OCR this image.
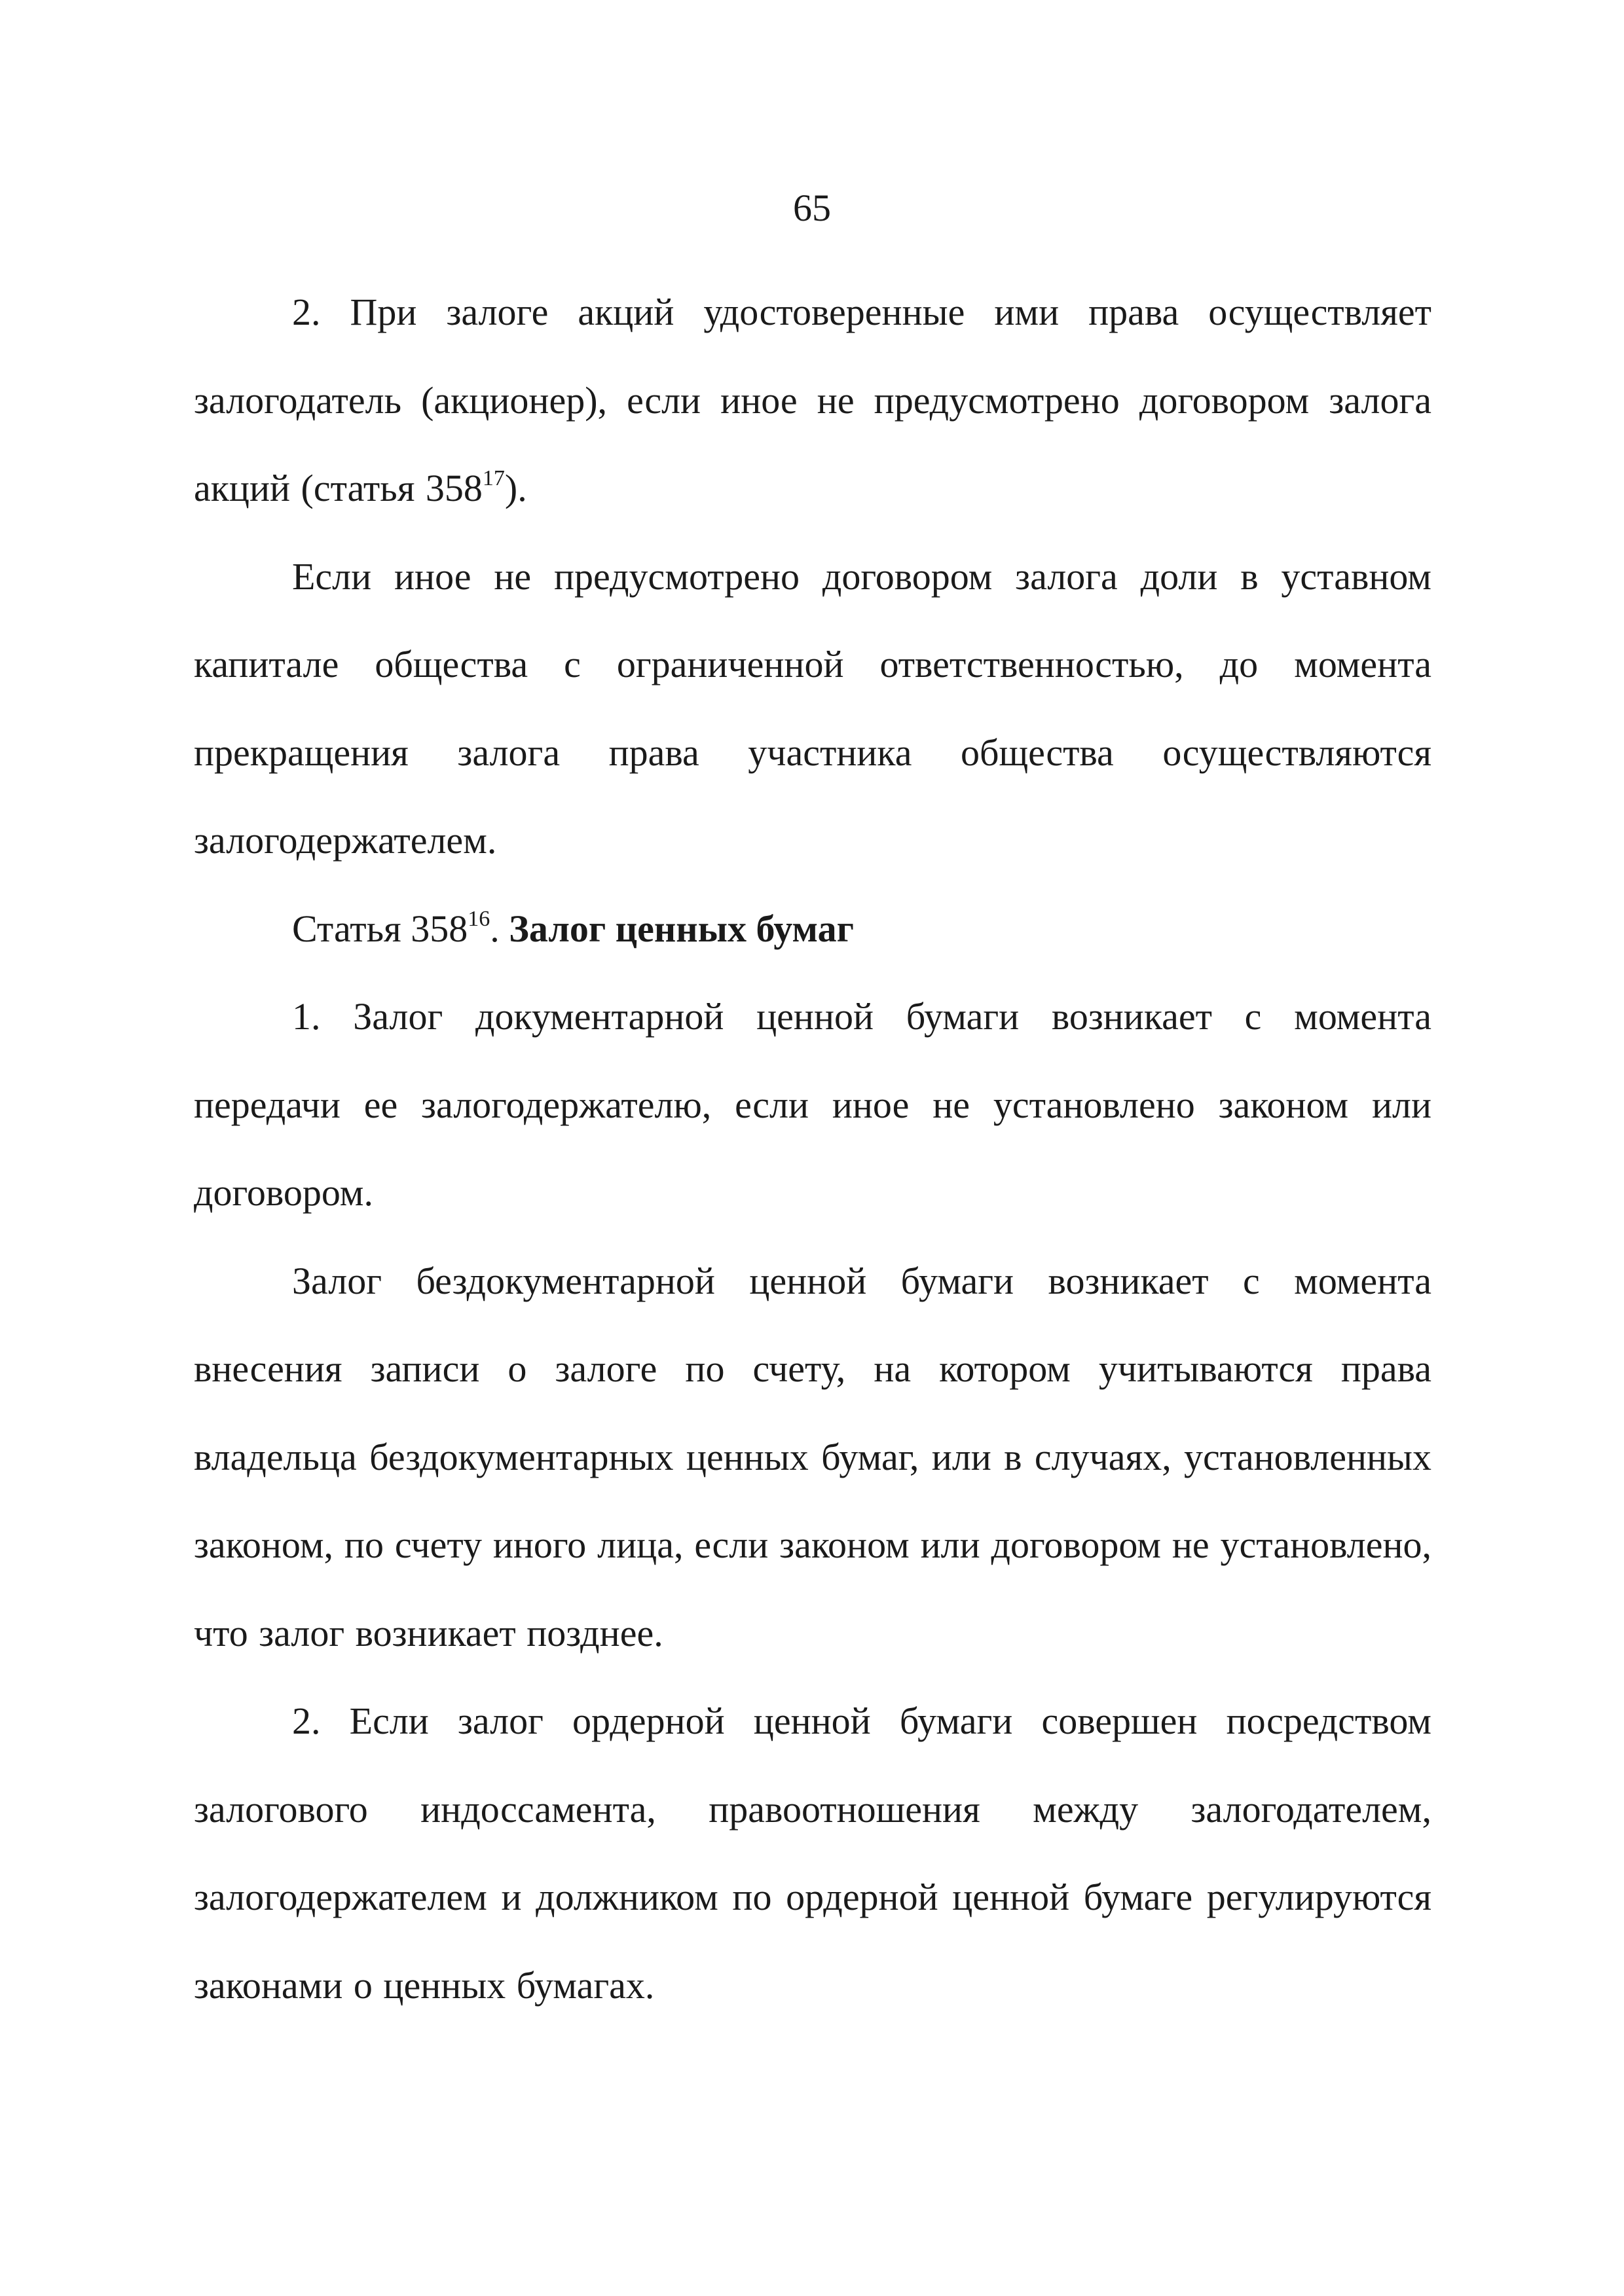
65

2. При залоге акций удостоверенные ими права осуществляет залогодатель (акционер), если иное не предусмотрено договором залога акций (статья $358^{17}$).

Если иное не предусмотрено договором залога доли в уставном капитале общества с ограниченной ответственностью, до момента прекращения залога права участника общества осуществляются залогодержателем.

Статья $358^{16}$. Залог ценных бумаг

1. Залог документарной ценной бумаги возникает с момента передачи ее залогодержателю, если иное не установлено законом или договором.

Залог бездокументарной ценной бумаги возникает с момента внесения записи о залоге по счету, на котором учитываются права владельца бездокументарных ценных бумаг, или в случаях, установленных законом, по счету иного лица, если законом или договором не установлено, что залог возникает позднее.

2. Если залог ордерной ценной бумаги совершен посредством залогового индоссамента, правоотношения между залогодателем, залогодержателем и должником по ордерной ценной бумаге регулируются законами о ценных бумагах.
